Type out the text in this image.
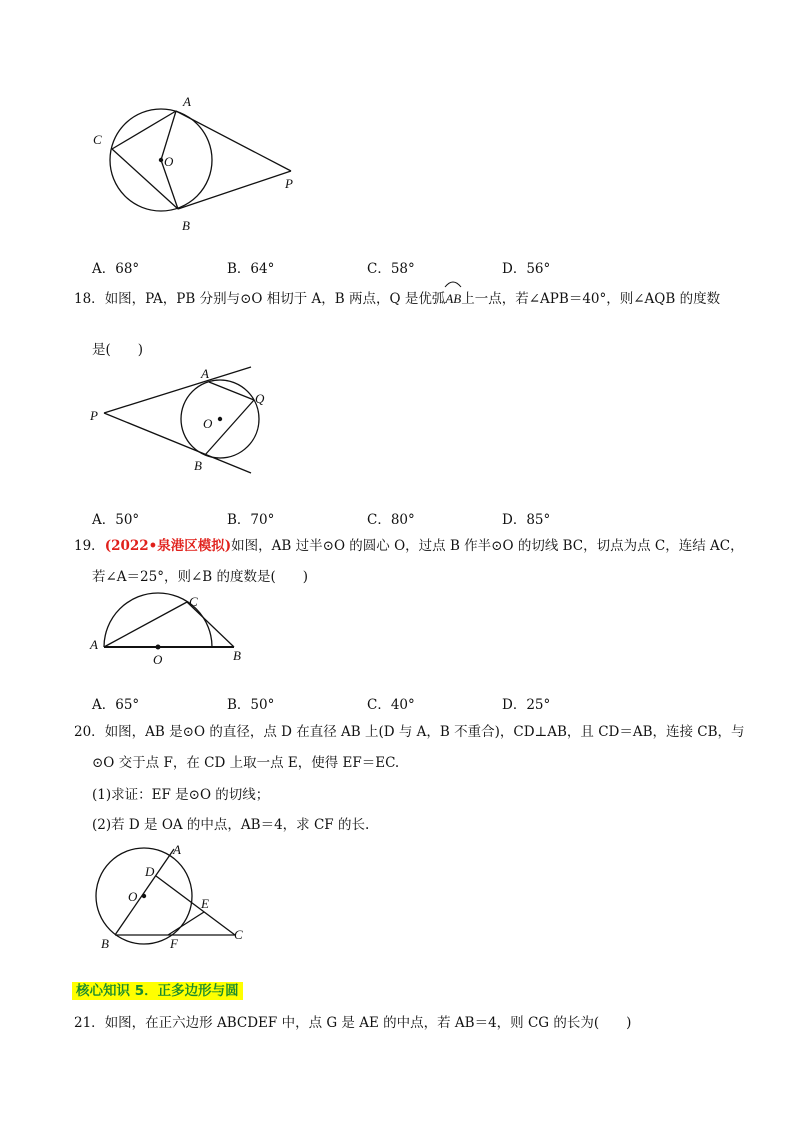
A
C
O
P
B
A．68°	B．64°	C．58°	D．56°
18．如图，PA，PB 分别与⊙O 相切于 A，B 两点，Q 是优弧
AB上一点，若∠APB＝40°，则∠AQB 的度数
是(　　)
A
Q
P
O
B
A．50°	B．70°	C．80°	D．85°
19．(2022•泉港区模拟)如图，AB 过半⊙O 的圆心 O，过点 B 作半⊙O 的切线 BC，切点为点 C，连结 AC，
若∠A＝25°，则∠B 的度数是(　　)
C
A
O	B
A．65°	B．50°	C．40°	D．25°
20．如图，AB 是⊙O 的直径，点 D 在直径 AB 上(D 与 A，B 不重合)，CD⊥AB，且 CD＝AB，连接 CB，与
⊙O 交于点 F，在 CD 上取一点 E，使得 EF＝EC.
(1)求证：EF 是⊙O 的切线；
(2)若 D 是 OA 的中点，AB＝4，求 CF 的长.
A
D
O	E
B	F
C
核心知识 5．正多边形与圆
21．如图，在正六边形 ABCDEF 中，点 G 是 AE 的中点，若 AB＝4，则 CG 的长为(　　)
